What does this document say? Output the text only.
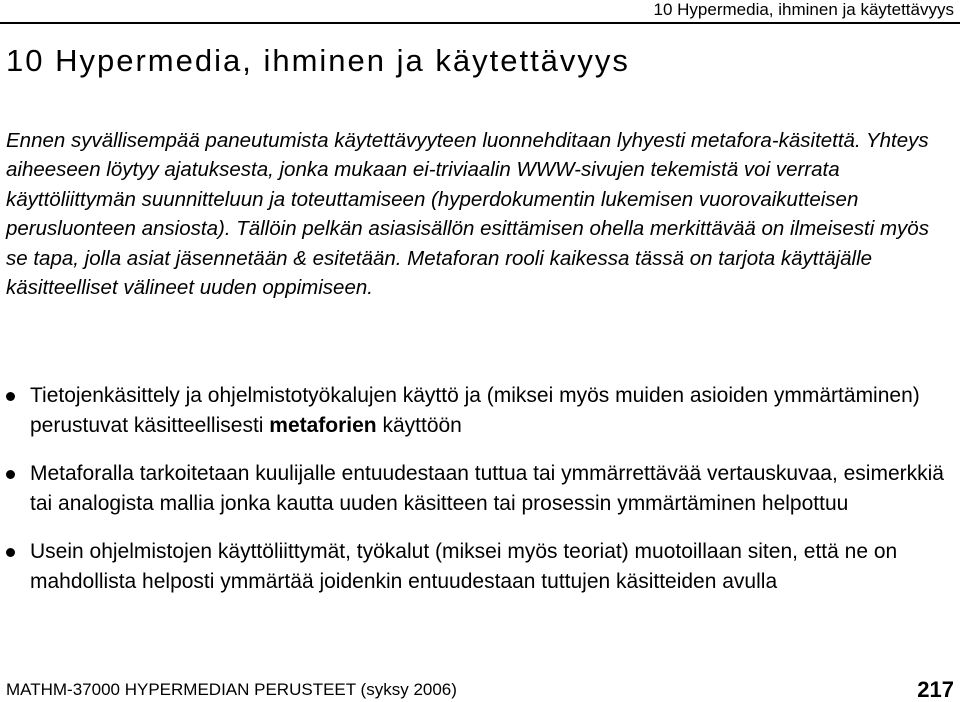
10 Hypermedia, ihminen ja käytettävyys
10 Hypermedia, ihminen ja käytettävyys

Ennen syvällisempää paneutumista käytettävyyteen luonnehditaan lyhyesti metafora-käsitettä. Yhteys aiheeseen löytyy ajatuksesta, jonka mukaan ei-triviaalin WWW-sivujen tekemistä voi verrata käyttöliittymän suunnitteluun ja toteuttamiseen (hyperdokumentin lukemisen vuorovaikutteisen perusluonteen ansiosta). Tällöin pelkän asiasisällön esittämisen ohella merkittävää on ilmeisesti myös se tapa, jolla asiat jäsennetään & esitetään. Metaforan rooli kaikessa tässä on tarjota käyttäjälle käsitteelliset välineet uuden oppimiseen.

Tietojenkäsittely ja ohjelmistotyökalujen käyttö ja (miksei myös muiden asioiden ymmärtäminen) perustuvat käsitteellisesti metaforien käyttöön
Metaforalla tarkoitetaan kuulijalle entuudestaan tuttua tai ymmärrettävää vertauskuvaa, esimerkkiä tai analogista mallia jonka kautta uuden käsitteen tai prosessin ymmärtäminen helpottuu
Usein ohjelmistojen käyttöliittymät, työkalut (miksei myös teoriat) muotoillaan siten, että ne on mahdollista helposti ymmärtää joidenkin entuudestaan tuttujen käsitteiden avulla
MATHM-37000 HYPERMEDIAN PERUSTEET (syksy 2006)	217
